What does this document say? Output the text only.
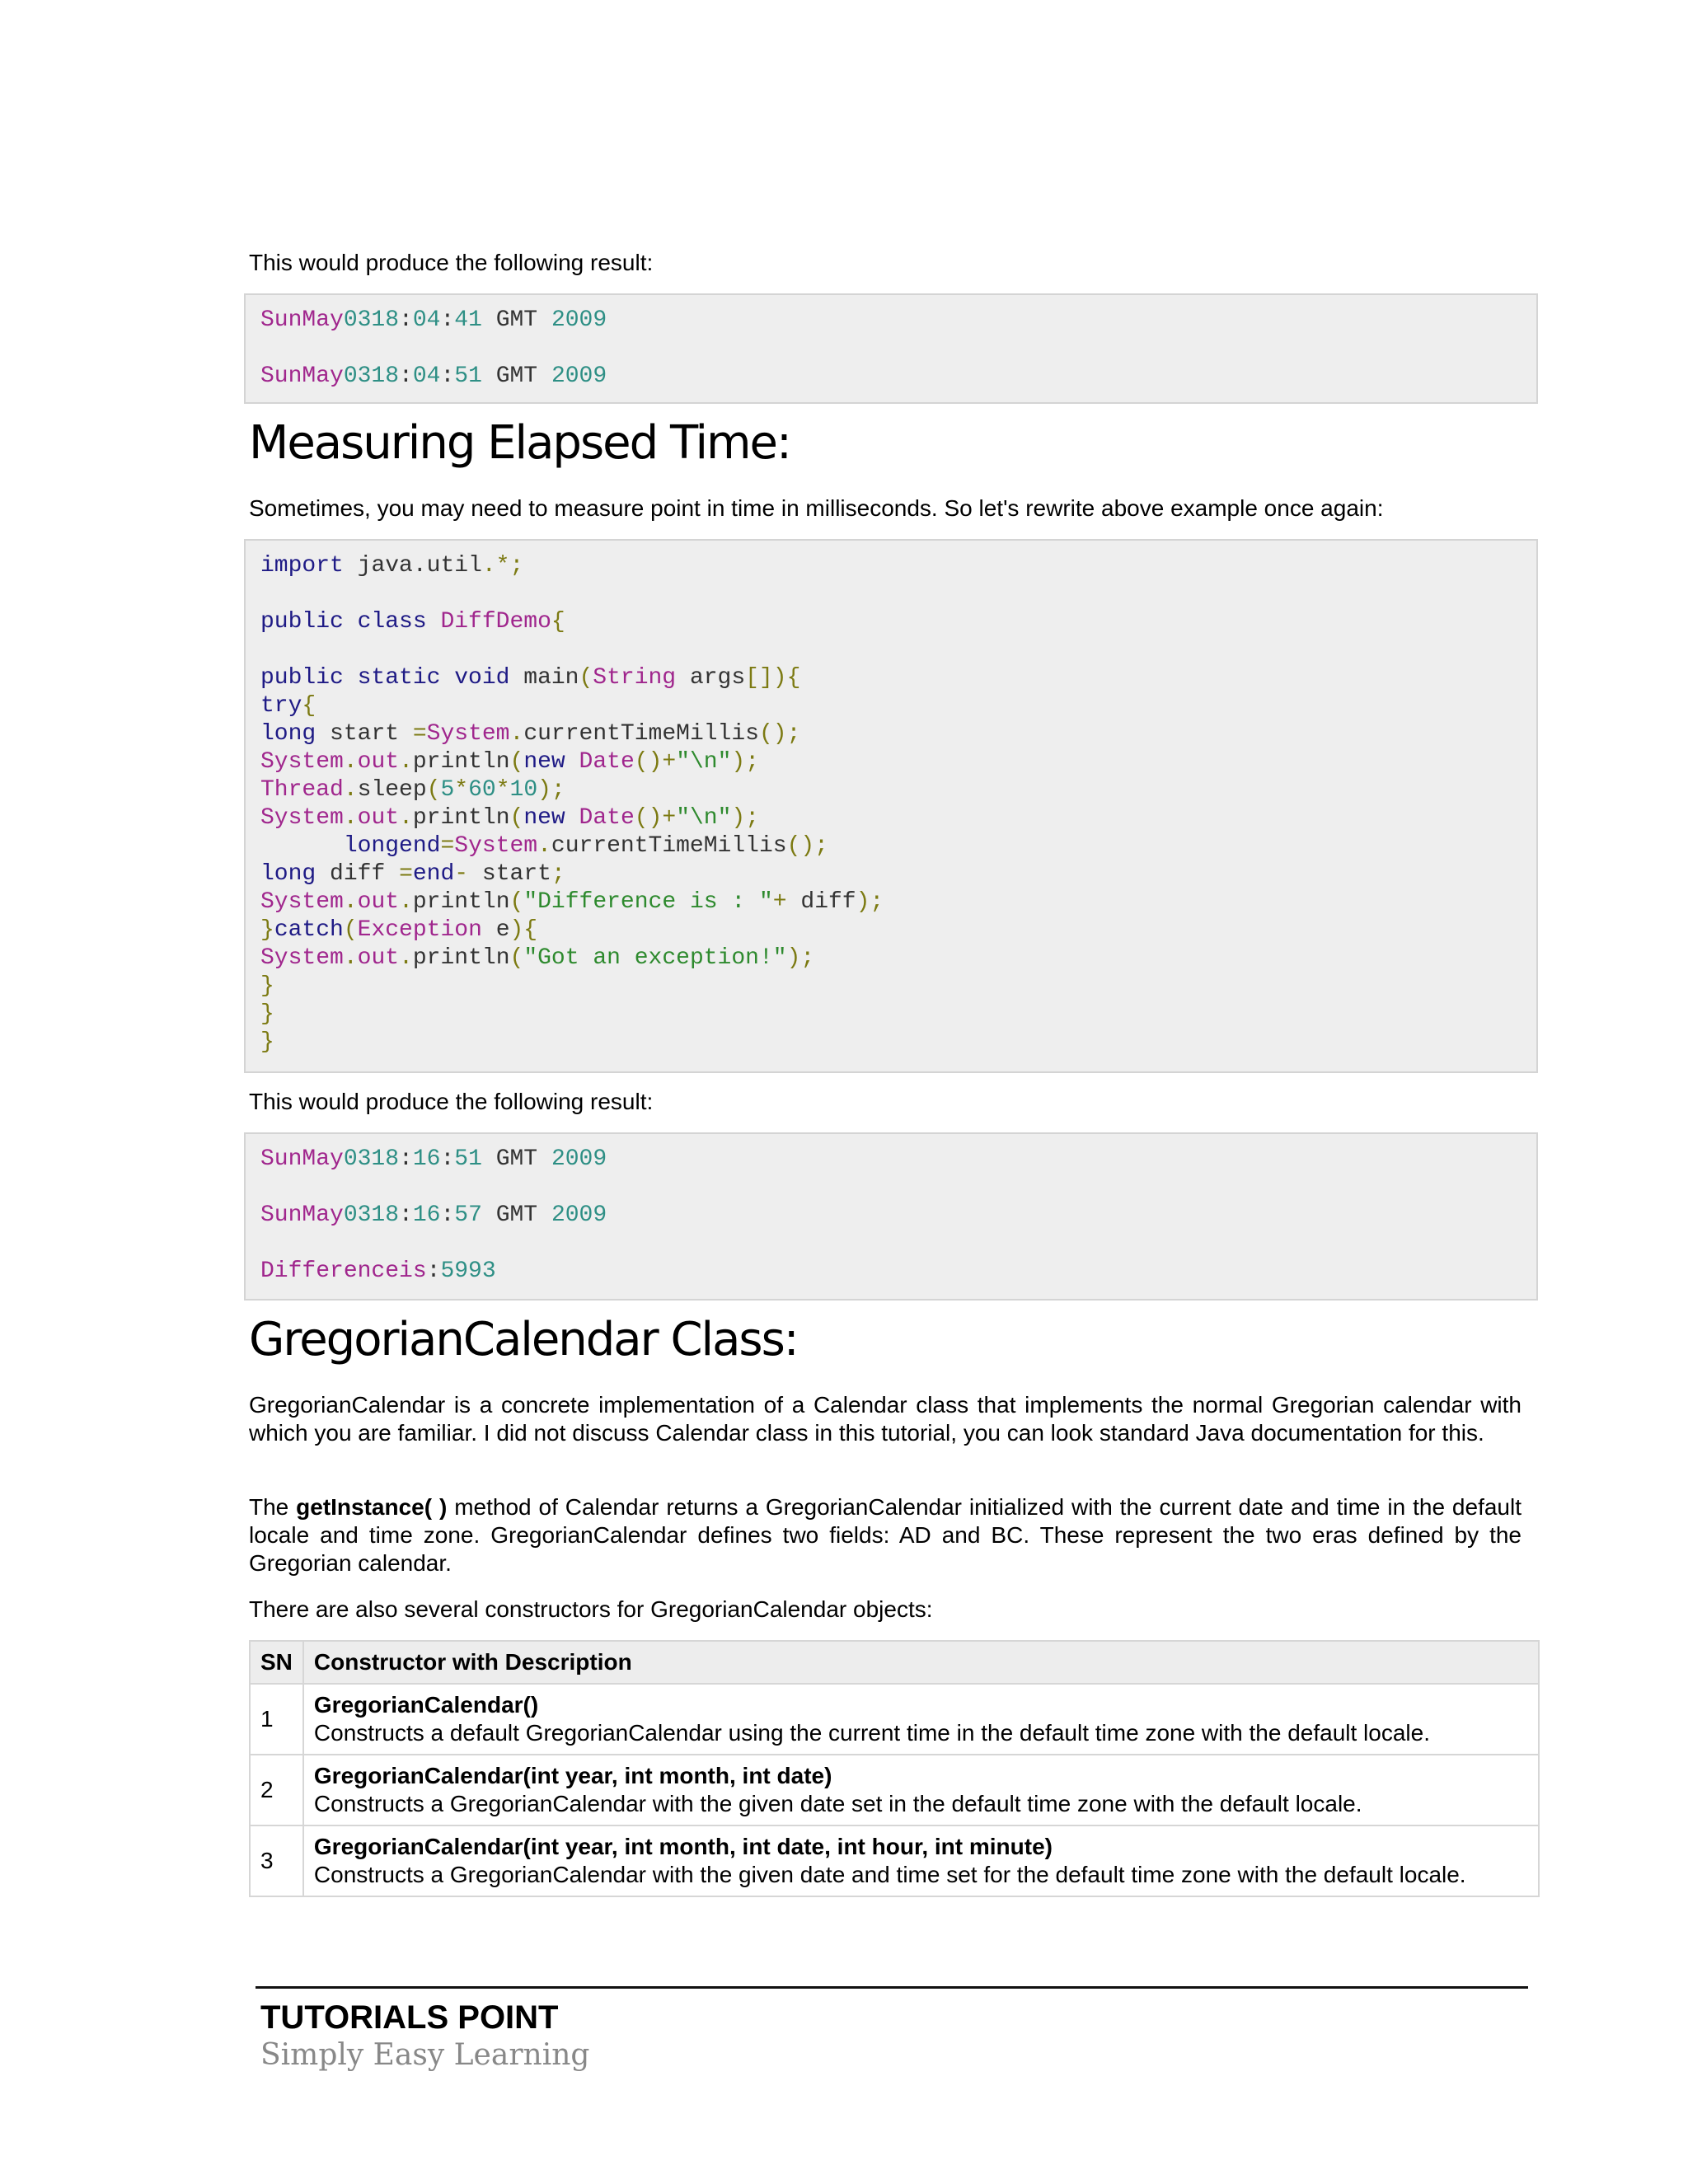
This would produce the following result:

SunMay0318:04:41 GMT 2009

SunMay0318:04:51 GMT 2009
Measuring Elapsed Time:

Sometimes, you may need to measure point in time in milliseconds. So let's rewrite above example once again:

import java.util.*;

public class DiffDemo{

public static void main(String args[]){
try{
long start =System.currentTimeMillis();
System.out.println(new Date()+"\n");
Thread.sleep(5*60*10);
System.out.println(new Date()+"\n");
longend=System.currentTimeMillis();
long diff =end- start;
System.out.println("Difference is : "+ diff);
}catch(Exception e){
System.out.println("Got an exception!");
}
}
}

This would produce the following result:

SunMay0318:16:51 GMT 2009

SunMay0318:16:57 GMT 2009

Differenceis:5993
GregorianCalendar Class:

GregorianCalendar is a concrete implementation of a Calendar class that implements the normal Gregorian calendar with which you are familiar. I did not discuss Calendar class in this tutorial, you can look standard Java documentation for this.

The getInstance( ) method of Calendar returns a GregorianCalendar initialized with the current date and time in the default locale and time zone. GregorianCalendar defines two fields: AD and BC. These represent the two eras defined by the Gregorian calendar.

There are also several constructors for GregorianCalendar objects:

SN	Constructor with Description
1	GregorianCalendar()
Constructs a default GregorianCalendar using the current time in the default time zone with the default locale.
2	GregorianCalendar(int year, int month, int date)
Constructs a GregorianCalendar with the given date set in the default time zone with the default locale.
3	GregorianCalendar(int year, int month, int date, int hour, int minute)
Constructs a GregorianCalendar with the given date and time set for the default time zone with the default locale.
TUTORIALS POINT
Simply Easy Learning
